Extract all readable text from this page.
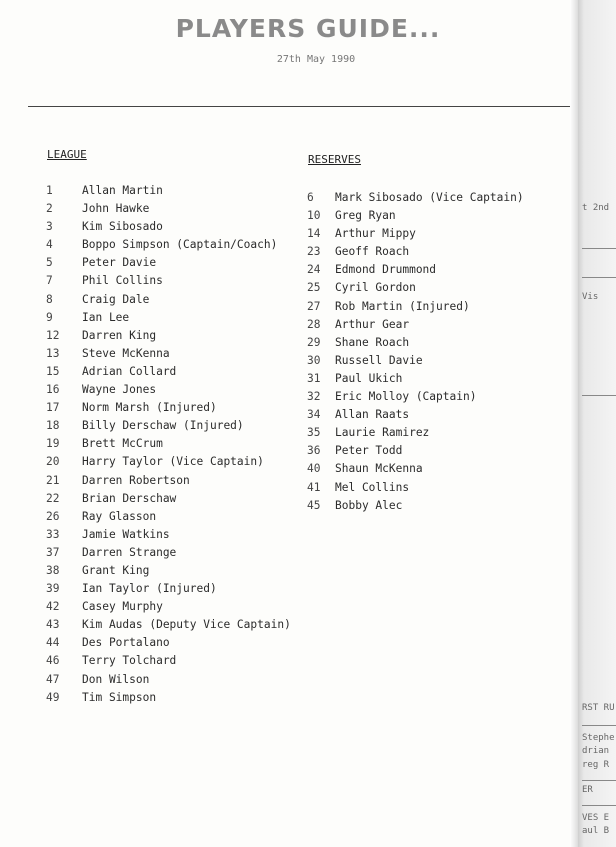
PLAYERS GUIDE...
27th May 1990
LEAGUE
1	Allan Martin
2	John Hawke
3	Kim Sibosado
4	Boppo Simpson (Captain/Coach)
5	Peter Davie
7	Phil Collins
8	Craig Dale
9	Ian Lee
12 Darren King
13 Steve McKenna
15 Adrian Collard
16 Wayne Jones
17 Norm Marsh (Injured)
18 Billy Derschaw (Injured)
19 Brett McCrum
20 Harry Taylor (Vice Captain)
21 Darren Robertson
22 Brian Derschaw
26 Ray Glasson
33 Jamie Watkins
37 Darren Strange
38 Grant King
39 Ian Taylor (Injured)
42 Casey Murphy
43 Kim Audas (Deputy Vice Captain)
44 Des Portalano
46 Terry Tolchard
47 Don Wilson
49 Tim Simpson
RESERVES
6 Mark Sibosado (Vice Captain)
10 Greg Ryan
14 Arthur Mippy
23 Geoff Roach
24 Edmond Drummond
25 Cyril Gordon
27 Rob Martin (Injured)
28 Arthur Gear
29 Shane Roach
30 Russell Davie
31 Paul Ukich
32 Eric Molloy (Captain)
34 Allan Raats
35 Laurie Ramirez
36 Peter Todd
40 Shaun McKenna
41 Mel Collins
45 Bobby Alec
t 2nd
Vis
RST RU
Stephe
drian
reg R
ER
VES E
aul B
